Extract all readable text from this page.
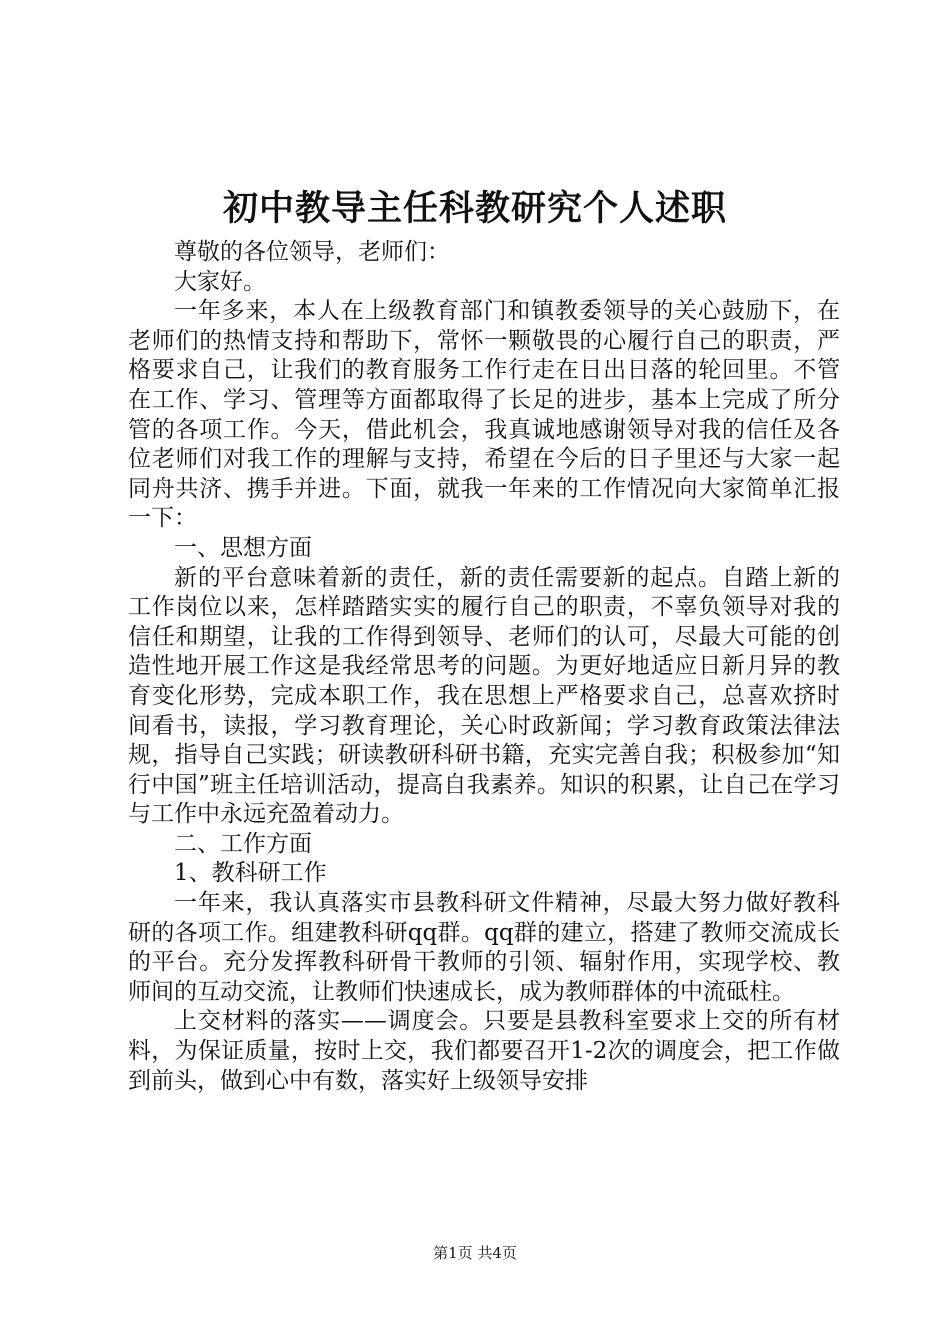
初中教导主任科教研究个人述职

尊敬的各位领导，老师们：

大家好。

一年多来，本人在上级教育部门和镇教委领导的关心鼓励下，在老师们的热情支持和帮助下，常怀一颗敬畏的心履行自己的职责，严格要求自己，让我们的教育服务工作行走在日出日落的轮回里。不管在工作、学习、管理等方面都取得了长足的进步，基本上完成了所分管的各项工作。今天，借此机会，我真诚地感谢领导对我的信任及各位老师们对我工作的理解与支持，希望在今后的日子里还与大家一起同舟共济、携手并进。下面，就我一年来的工作情况向大家简单汇报一下：

一、思想方面

新的平台意味着新的责任，新的责任需要新的起点。自踏上新的工作岗位以来，怎样踏踏实实的履行自己的职责，不辜负领导对我的信任和期望，让我的工作得到领导、老师们的认可，尽最大可能的创造性地开展工作这是我经常思考的问题。为更好地适应日新月异的教育变化形势，完成本职工作，我在思想上严格要求自己，总喜欢挤时间看书，读报，学习教育理论，关心时政新闻；学习教育政策法律法规，指导自己实践；研读教研科研书籍，充实完善自我；积极参加“知行中国”班主任培训活动，提高自我素养。知识的积累，让自己在学习与工作中永远充盈着动力。

二、工作方面

1、教科研工作

一年来，我认真落实市县教科研文件精神，尽最大努力做好教科研的各项工作。组建教科研qq群。qq群的建立，搭建了教师交流成长的平台。充分发挥教科研骨干教师的引领、辐射作用，实现学校、教师间的互动交流，让教师们快速成长，成为教师群体的中流砥柱。

上交材料的落实——调度会。只要是县教科室要求上交的所有材料，为保证质量，按时上交，我们都要召开1-2次的调度会，把工作做到前头，做到心中有数，落实好上级领导安排

第1页 共4页
